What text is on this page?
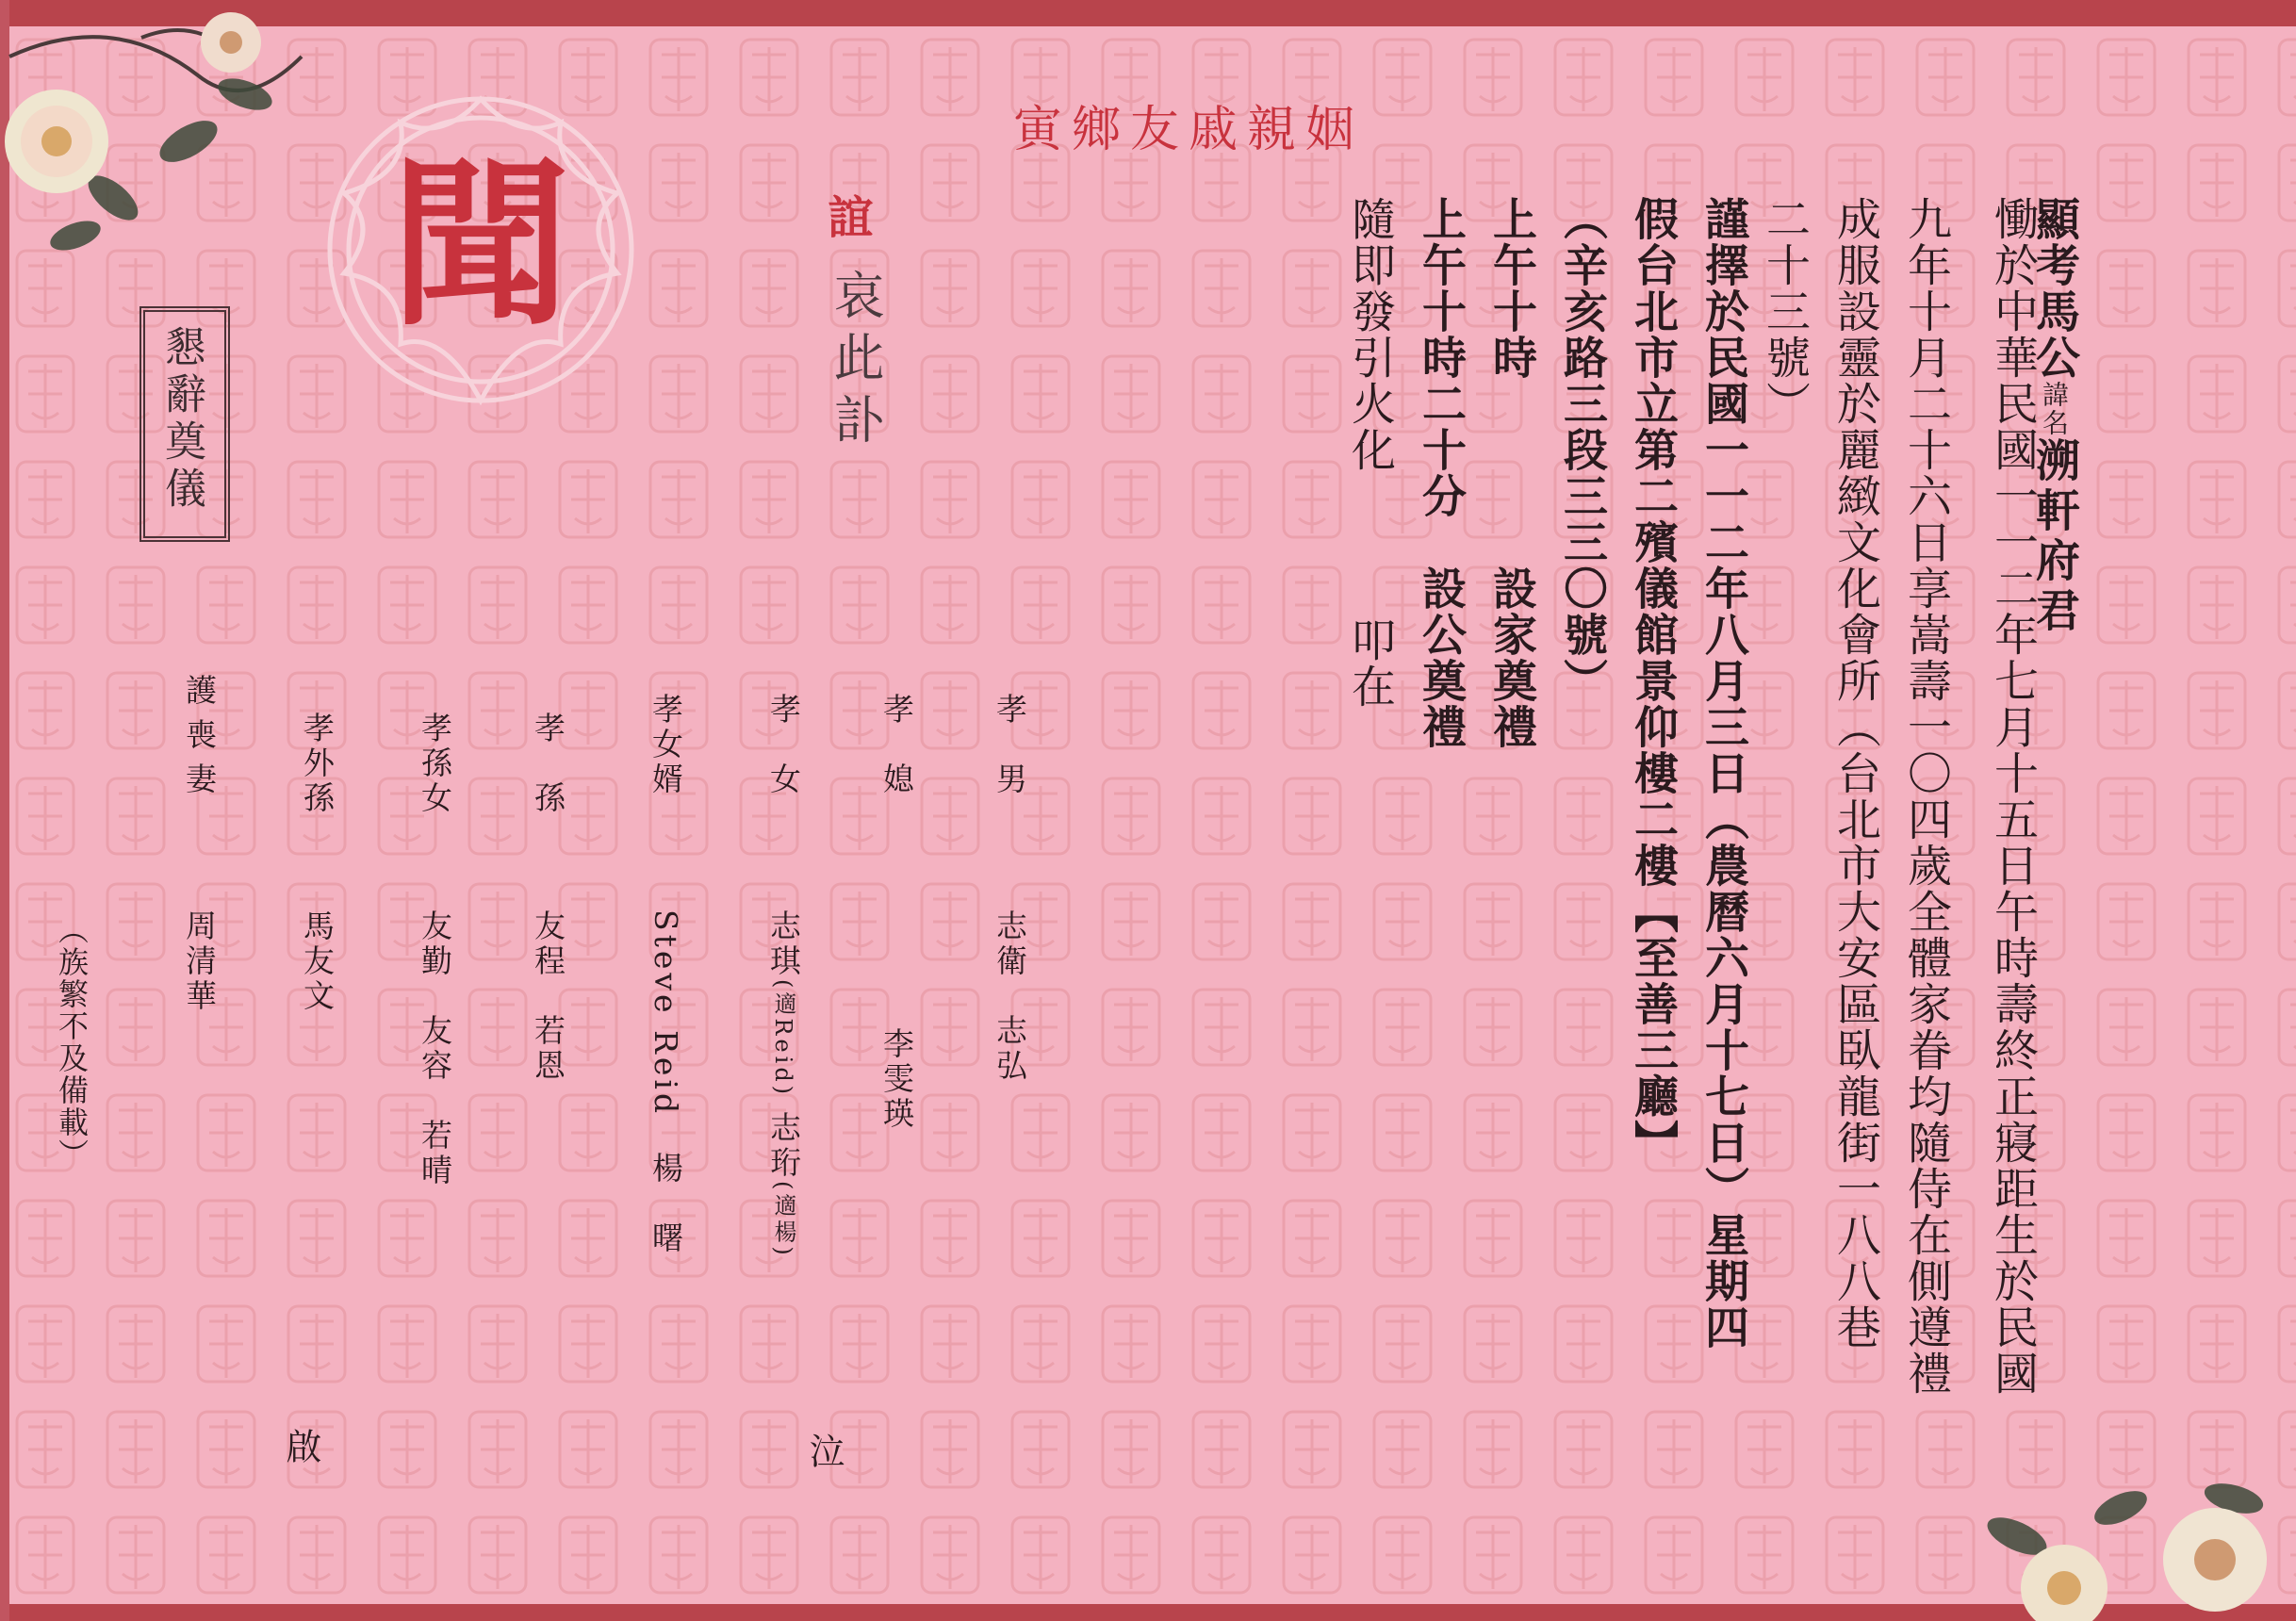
聞
姻親戚友鄉寅
誼
哀此訃
懇辭奠儀
顯考馬公諱名溯軒府君
慟於中華民國一一二年七月十五日午時壽終正寢距生於民國
九年十月二十六日享嵩壽一〇四歲全體家眷均隨侍在側遵禮
成服設靈於麗緻文化會所（台北市大安區臥龍街一八八巷
二十三號）
謹擇於民國一一二年八月三日（農曆六月十七日）星期四
假台北市立第二殯儀館景仰樓二樓【至善三廳】
（辛亥路三段三三〇號）
上午十時
設家奠禮
上午十時二十分
設公奠禮
隨即發引火化
叩在
孝　男
志衛　志弘
孝　媳
李雯瑛
孝　女
志琪(適Reid)志珩(適楊)
孝女婿
Steve Reid　楊　曙
孝　孫
友程　若恩
孝孫女
友勤　友容　若晴
孝外孫
馬友文
護喪妻
周清華
泣
啟
（族繁不及備載）
